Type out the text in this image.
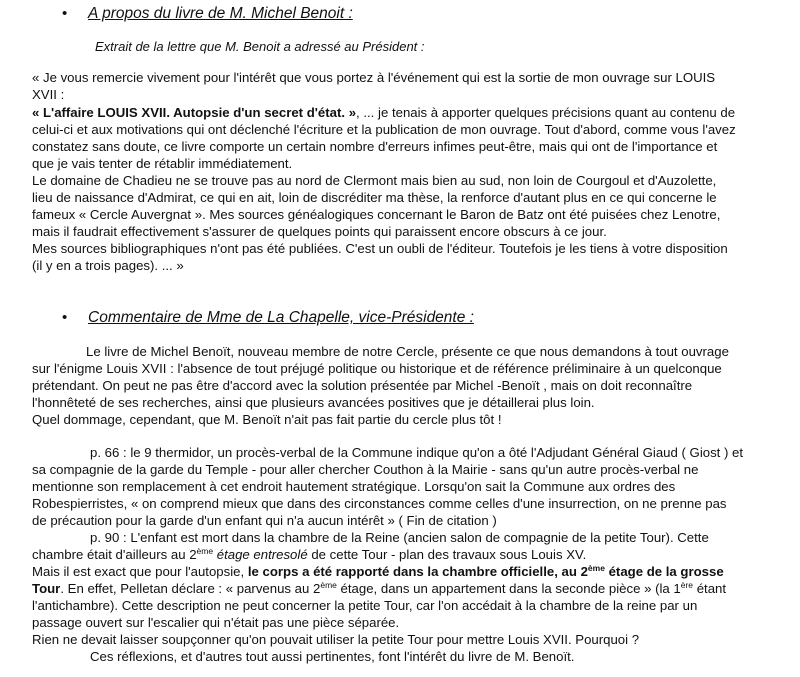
• A propos du livre de M. Michel Benoit :
Extrait de la lettre que M. Benoit a adressé au Président :
« Je vous remercie vivement pour l'intérêt que vous portez à l'événement qui est la sortie de mon ouvrage sur LOUIS
XVII :
« L'affaire LOUIS XVII. Autopsie d'un secret d'état. », ... je tenais à apporter quelques précisions quant au contenu de
celui-ci et aux motivations qui ont déclenché l'écriture et la publication de mon ouvrage. Tout d'abord, comme vous l'avez
constatez sans doute, ce livre comporte un certain nombre d'erreurs infimes peut-être, mais qui ont de l'importance et
que je vais tenter de rétablir immédiatement.
Le domaine de Chadieu ne se trouve pas au nord de Clermont mais bien au sud, non loin de Courgoul et d'Auzolette,
lieu de naissance d'Admirat, ce qui en ait, loin de discréditer ma thèse, la renforce d'autant plus en ce qui concerne le
fameux « Cercle Auvergnat ». Mes sources généalogiques concernant le Baron de Batz ont été puisées chez Lenotre,
mais il faudrait effectivement s'assurer de quelques points qui paraissent encore obscurs à ce jour.
Mes sources bibliographiques n'ont pas été publiées. C'est un oubli de l'éditeur. Toutefois je les tiens à votre disposition
(il y en a trois pages). ... »
• Commentaire de Mme de La Chapelle, vice-Présidente :
Le livre de Michel Benoït, nouveau membre de notre Cercle, présente ce que nous demandons à tout ouvrage
sur l'énigme Louis XVII : l'absence de tout préjugé politique ou historique et de référence préliminaire à un quelconque
prétendant. On peut ne pas être d'accord avec la solution présentée par Michel -Benoït , mais on doit reconnaître
l'honnêteté de ses recherches, ainsi que plusieurs avancées positives que je détaillerai plus loin.
Quel dommage, cependant, que M. Benoït n'ait pas fait partie du cercle plus tôt !
p. 66 : le 9 thermidor, un procès-verbal de la Commune indique qu'on a ôté l'Adjudant Général Giaud ( Giost ) et
sa compagnie de la garde du Temple - pour aller chercher Couthon à la Mairie - sans qu'un autre procès-verbal ne
mentionne son remplacement à cet endroit hautement stratégique. Lorsqu'on sait la Commune aux ordres des
Robespierristes, « on comprend mieux que dans des circonstances comme celles d'une insurrection, on ne prenne pas
de précaution pour la garde d'un enfant qui n'a aucun intérêt » ( Fin de citation )
p. 90 : L'enfant est mort dans la chambre de la Reine (ancien salon de compagnie de la petite Tour). Cette
chambre était d'ailleurs au 2ème étage entresolé de cette Tour - plan des travaux sous Louis XV.
Mais il est exact que pour l'autopsie, le corps a été rapporté dans la chambre officielle, au 2ème étage de la grosse
Tour. En effet, Pelletan déclare : « parvenus au 2ème étage, dans un appartement dans la seconde pièce » (la 1ère étant
l'antichambre). Cette description ne peut concerner la petite Tour, car l'on accédait à la chambre de la reine par un
passage ouvert sur l'escalier qui n'était pas une pièce séparée.
Rien ne devait laisser soupçonner qu'on pouvait utiliser la petite Tour pour mettre Louis XVII. Pourquoi ?
Ces réflexions, et d'autres tout aussi pertinentes, font l'intérêt du livre de M. Benoït.
